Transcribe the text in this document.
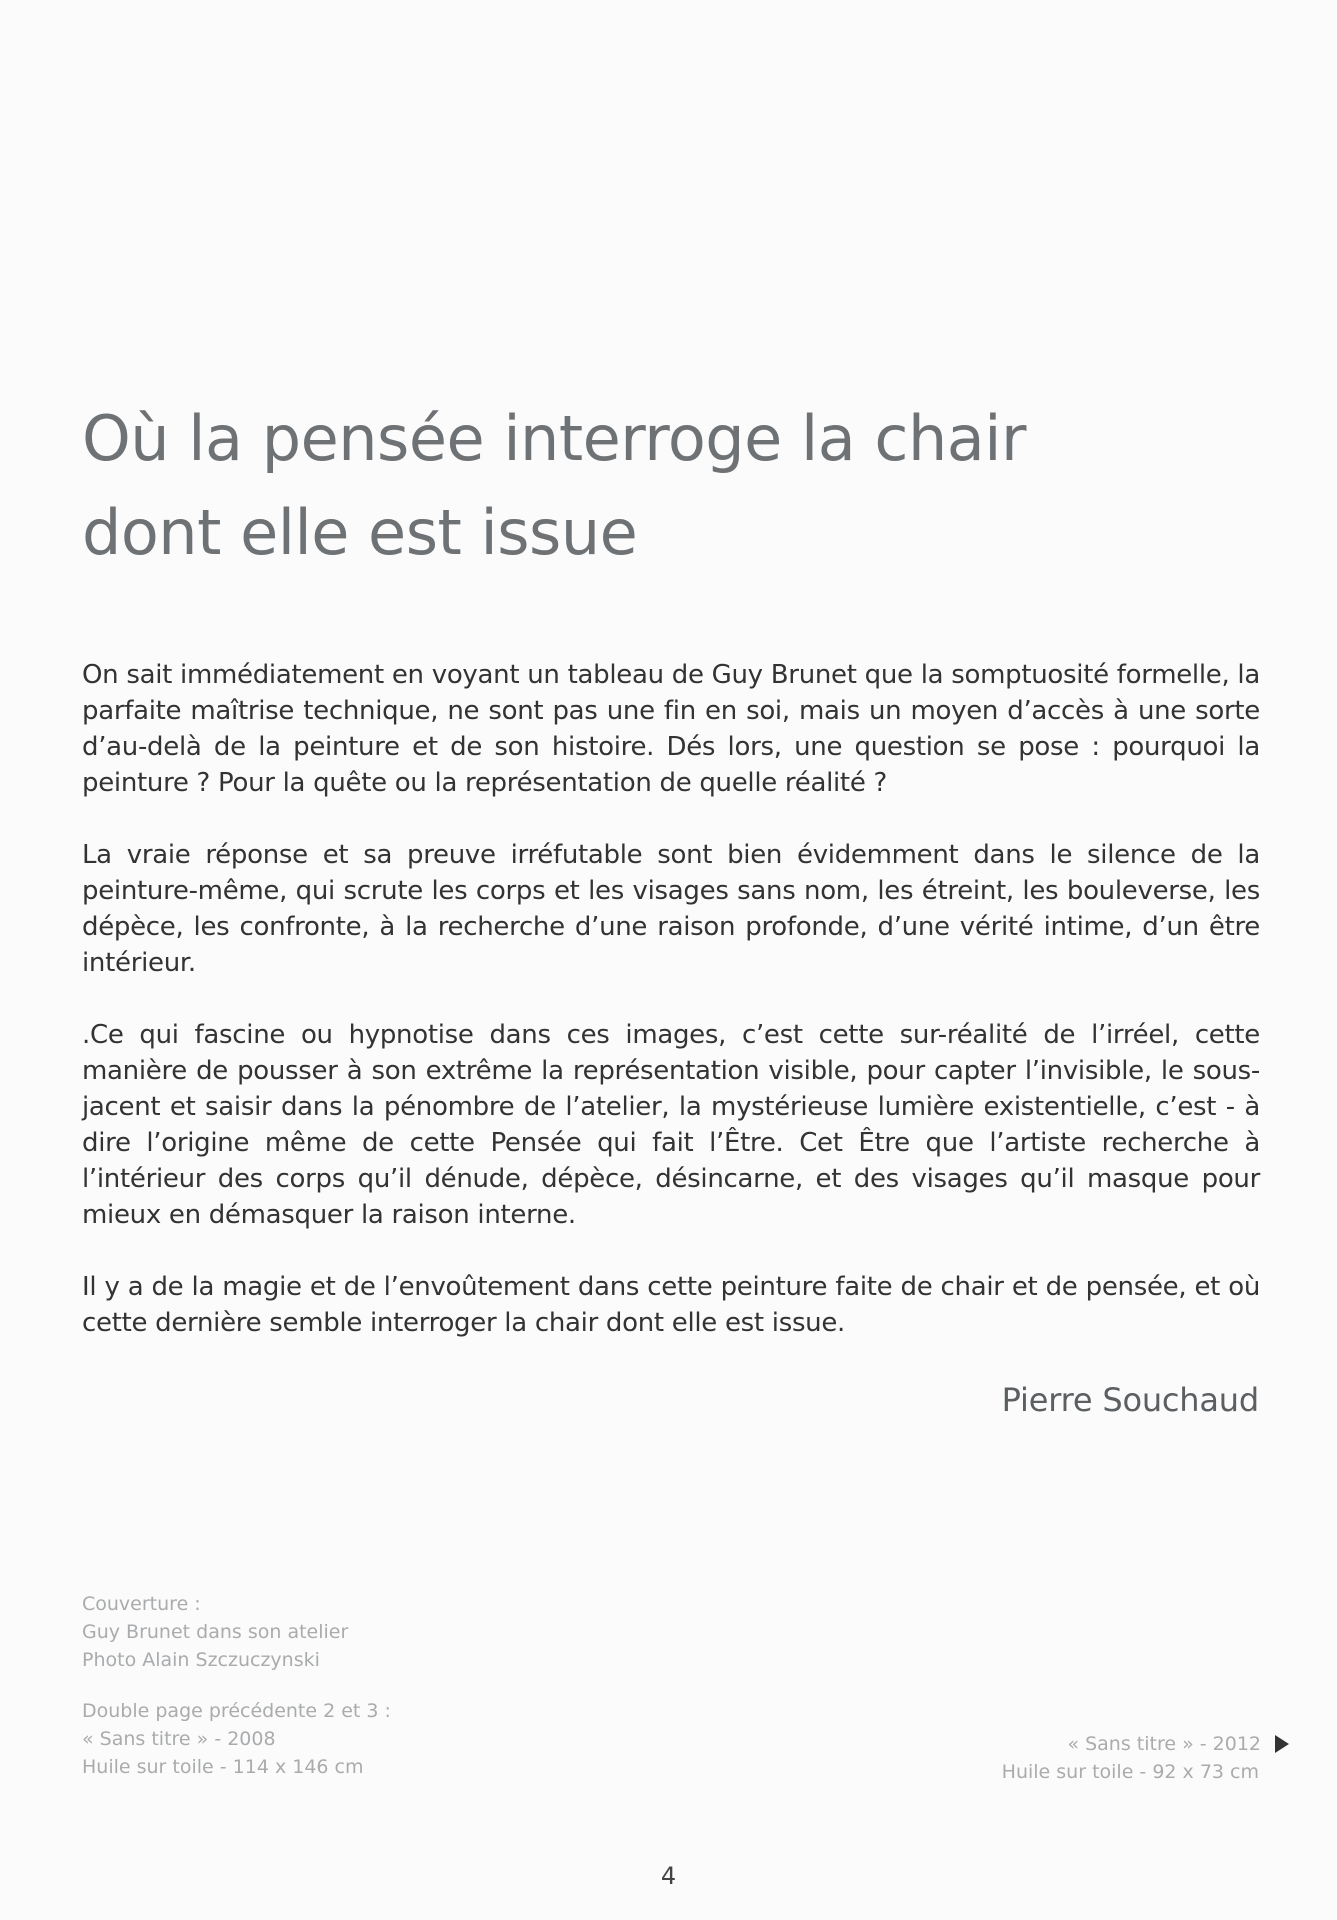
Où la pensée interroge la chair
dont elle est issue

On sait immédiatement en voyant un tableau de Guy Brunet que la somptuosité formelle, la parfaite maîtrise technique, ne sont pas une fin en soi, mais un moyen d’accès à une sorte d’au-delà de la peinture et de son histoire. Dés lors, une question se pose : pourquoi la peinture ? Pour la quête ou la représentation de quelle réalité ?

La vraie réponse et sa preuve irréfutable sont bien évidemment dans le silence de la peinture-même, qui scrute les corps et les visages sans nom, les étreint, les bouleverse, les dépèce, les confronte, à la recherche d’une raison profonde, d’une vérité intime, d’un être intérieur.

.Ce qui fascine ou hypnotise dans ces images, c’est cette sur-réalité de l’irréel, cette manière de pousser à son extrême la représentation visible, pour capter l’invisible, le sous-jacent et saisir dans la pénombre de l’atelier, la mystérieuse lumière existentielle, c’est - à dire l’origine même de cette Pensée qui fait l’Être. Cet Être que l’artiste recherche à l’intérieur des corps qu’il dénude, dépèce, désincarne, et des visages qu’il masque pour mieux en démasquer la raison interne.

Il y a de la magie et de l’envoûtement dans cette peinture faite de chair et de pensée, et où cette dernière semble interroger la chair dont elle est issue.

Pierre Souchaud
Couverture :
Guy Brunet dans son atelier
Photo Alain Szczuczynski
Double page précédente 2 et 3 :
« Sans titre » - 2008
Huile sur toile - 114 x 146 cm
« Sans titre » - 2012
Huile sur toile - 92 x 73 cm
4
